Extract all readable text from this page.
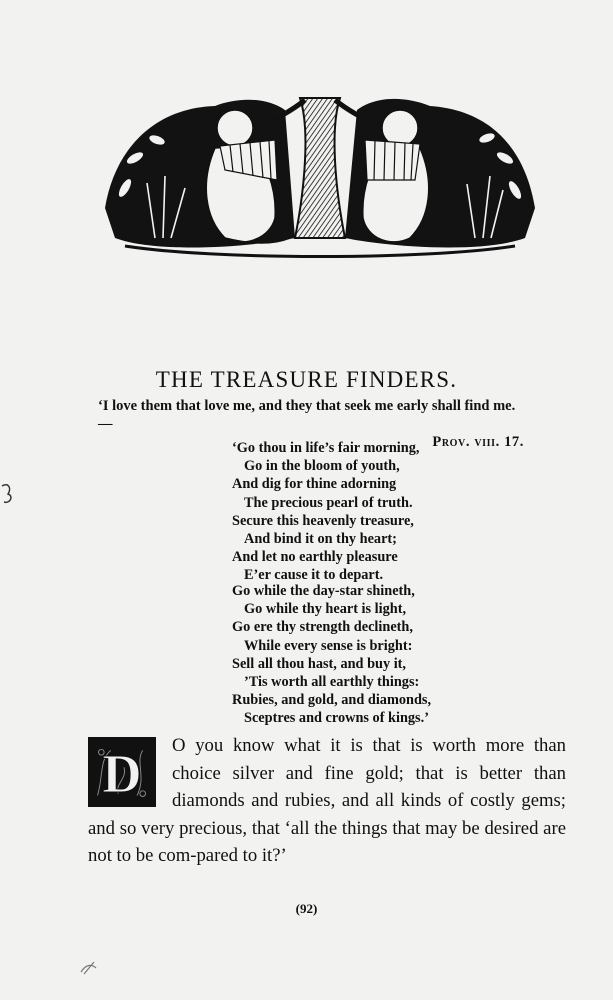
THE TREASURE FINDERS.
‘I love them that love me, and they that seek me early shall find me. —
Prov. viii. 17.
‘Go thou in life’s fair morning,
Go in the bloom of youth,
And dig for thine adorning
The precious pearl of truth.
Secure this heavenly treasure,
And bind it on thy heart;
And let no earthly pleasure
E’er cause it to depart.
Go while the day-star shineth,
Go while thy heart is light,
Go ere thy strength declineth,
While every sense is bright:
Sell all thou hast, and buy it,
’Tis worth all earthly things:
Rubies, and gold, and diamonds,
Sceptres and crowns of kings.’
D O you know what it is that is worth more than choice silver and fine gold; that is better than diamonds and rubies, and all kinds of costly gems; and so very precious, that ‘all the things that may be desired are not to be com-pared to it?’
(92)
